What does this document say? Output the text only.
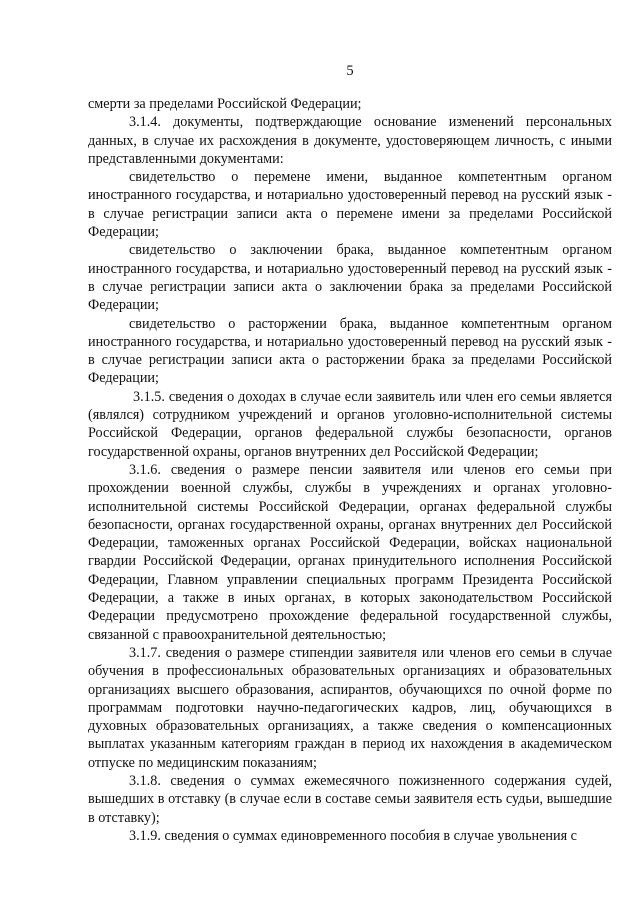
5

смерти за пределами Российской Федерации;

3.1.4. документы, подтверждающие основание изменений персональных данных, в случае их расхождения в документе, удостоверяющем личность, с иными представленными документами:

свидетельство о перемене имени, выданное компетентным органом иностранного государства, и нотариально удостоверенный перевод на русский язык - в случае регистрации записи акта о перемене имени за пределами Российской Федерации;

свидетельство о заключении брака, выданное компетентным органом иностранного государства, и нотариально удостоверенный перевод на русский язык - в случае регистрации записи акта о заключении брака за пределами Российской Федерации;

свидетельство о расторжении брака, выданное компетентным органом иностранного государства, и нотариально удостоверенный перевод на русский язык - в случае регистрации записи акта о расторжении брака за пределами Российской Федерации;

3.1.5. сведения о доходах в случае если заявитель или член его семьи является (являлся) сотрудником учреждений и органов уголовно-исполнительной системы Российской Федерации, органов федеральной службы безопасности, органов государственной охраны, органов внутренних дел Российской Федерации;

3.1.6. сведения о размере пенсии заявителя или членов его семьи при прохождении военной службы, службы в учреждениях и органах уголовно-исполнительной системы Российской Федерации, органах федеральной службы безопасности, органах государственной охраны, органах внутренних дел Российской Федерации, таможенных органах Российской Федерации, войсках национальной гвардии Российской Федерации, органах принудительного исполнения Российской Федерации, Главном управлении специальных программ Президента Российской Федерации, а также в иных органах, в которых законодательством Российской Федерации предусмотрено прохождение федеральной государственной службы, связанной с правоохранительной деятельностью;

3.1.7. сведения о размере стипендии заявителя или членов его семьи в случае обучения в профессиональных образовательных организациях и образовательных организациях высшего образования, аспирантов, обучающихся по очной форме по программам подготовки научно-педагогических кадров, лиц, обучающихся в духовных образовательных организациях, а также сведения о компенсационных выплатах указанным категориям граждан в период их нахождения в академическом отпуске по медицинским показаниям;

3.1.8. сведения о суммах ежемесячного пожизненного содержания судей, вышедших в отставку (в случае если в составе семьи заявителя есть судьи, вышедшие в отставку);

3.1.9. сведения о суммах единовременного пособия в случае увольнения с
